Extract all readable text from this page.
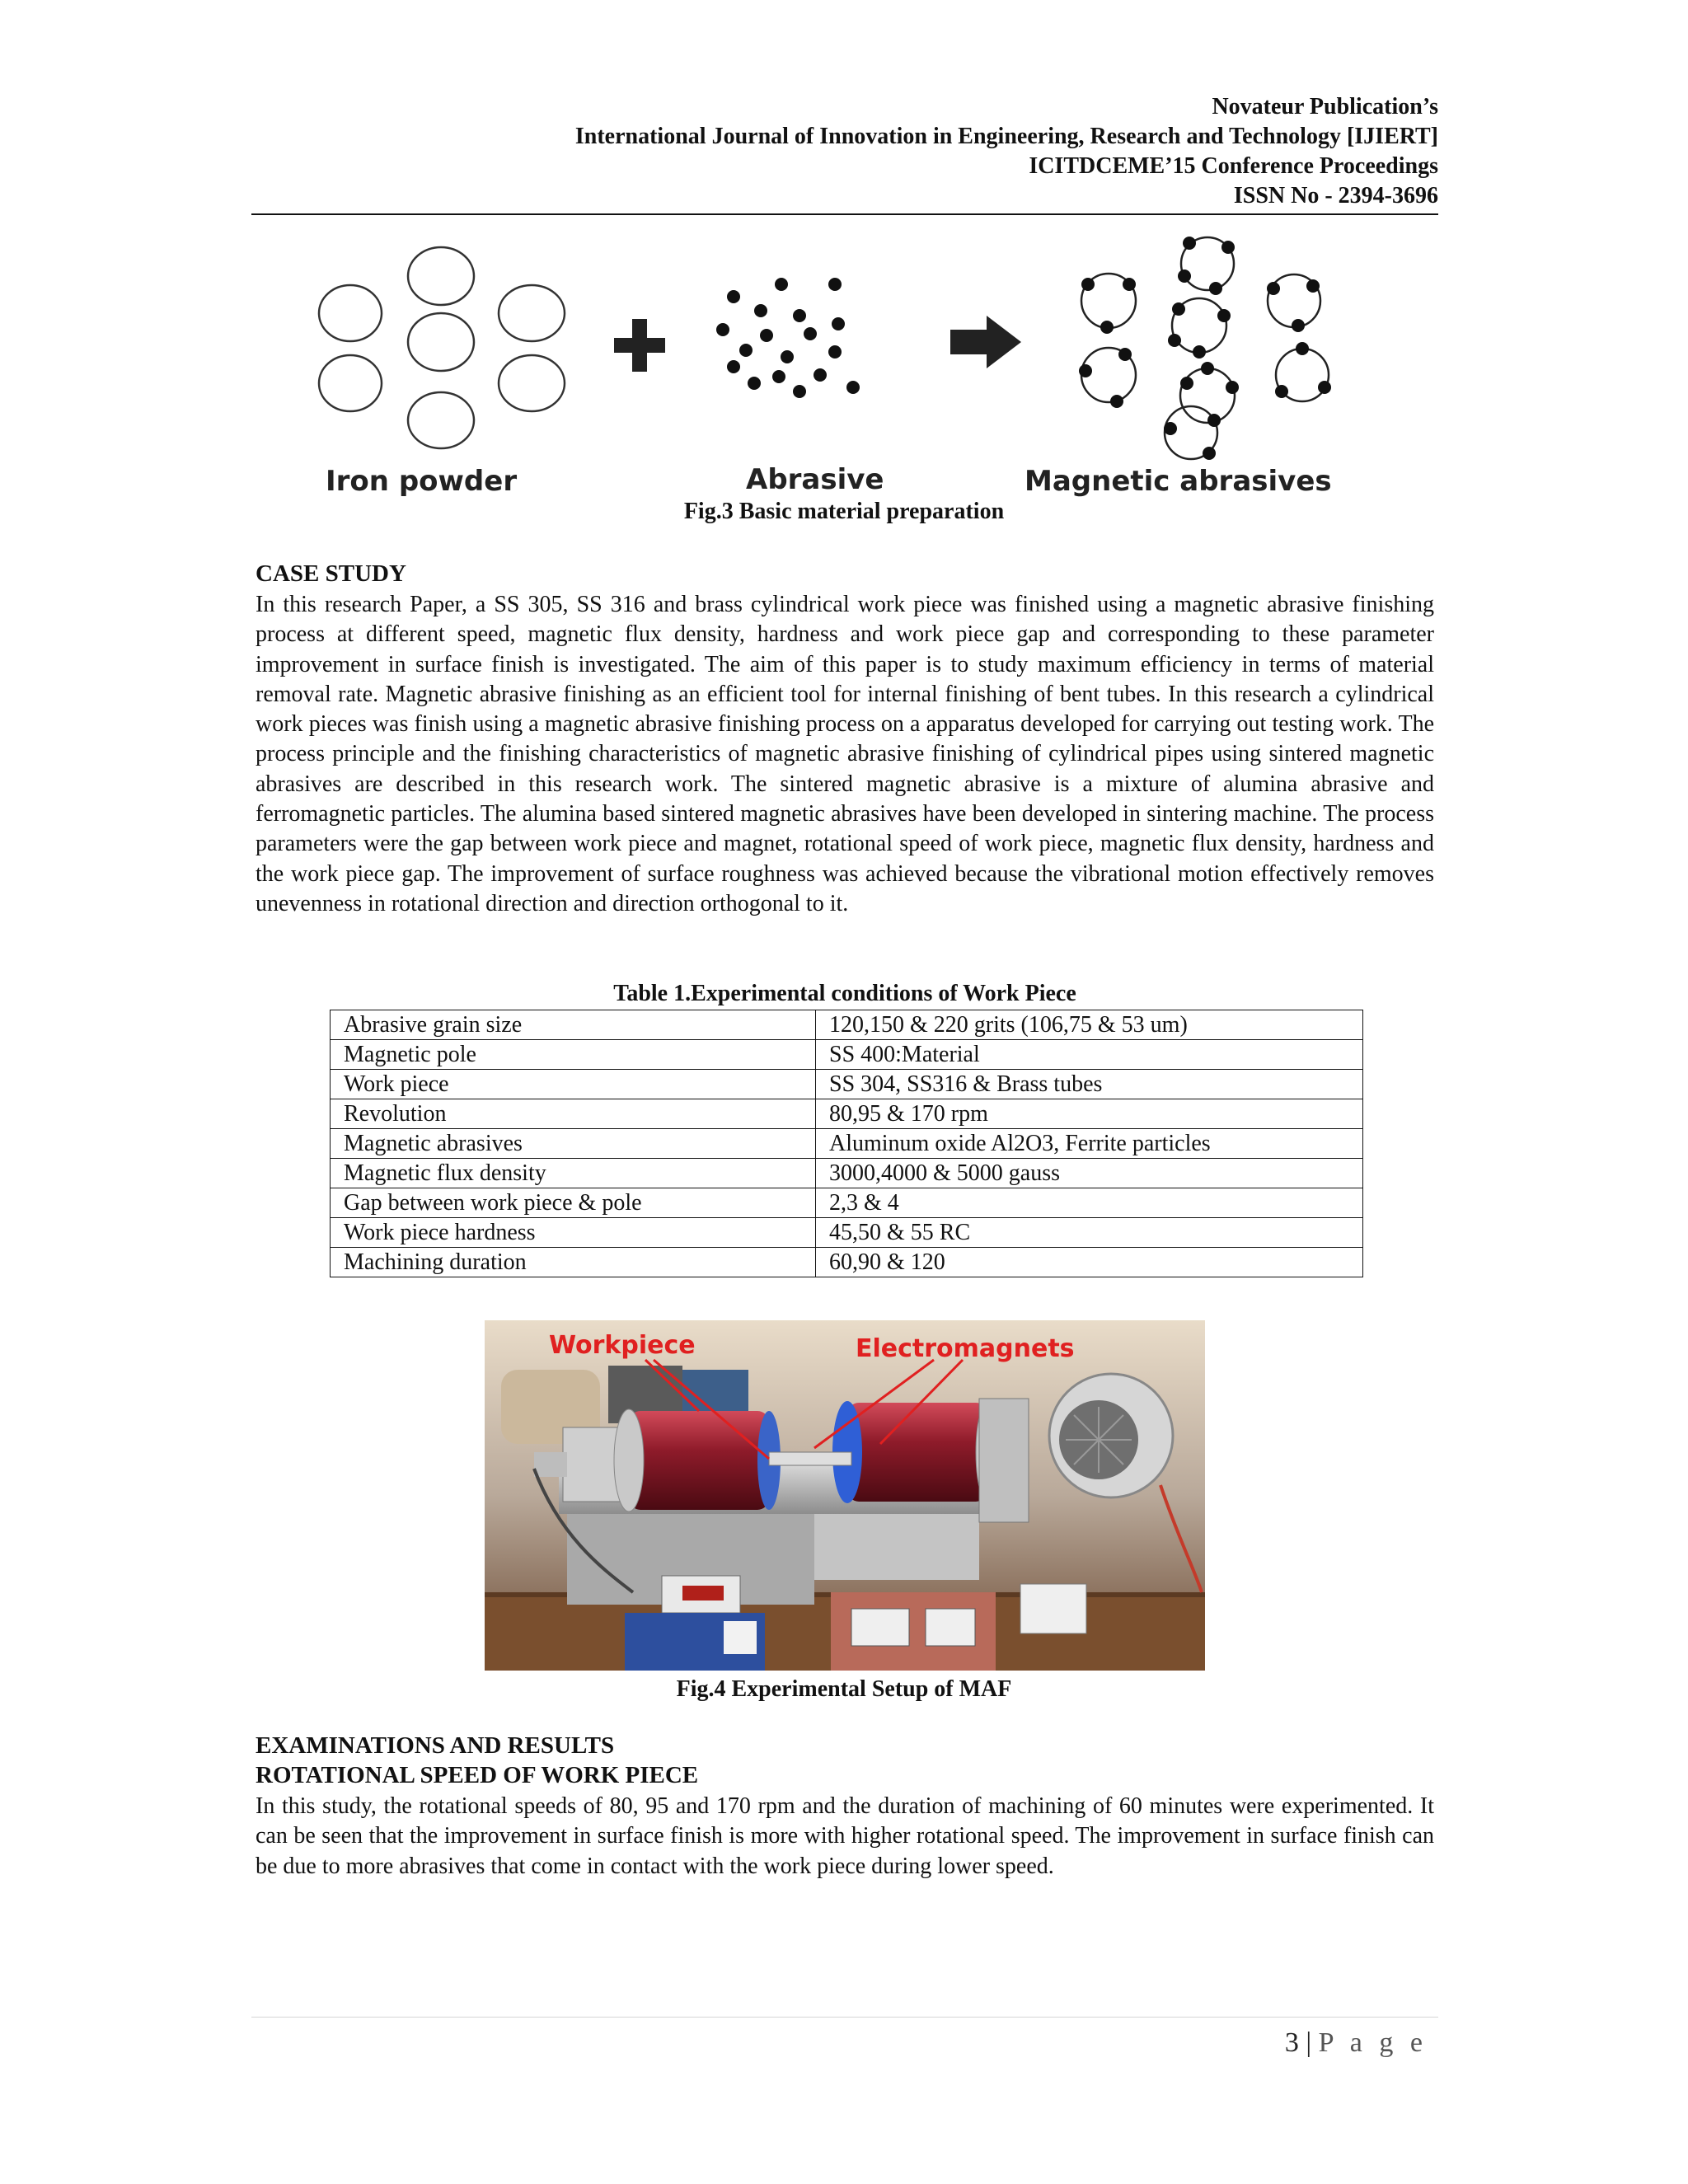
Novateur Publication’s
International Journal of Innovation in Engineering, Research and Technology [IJIERT]
ICITDCEME’15 Conference Proceedings
ISSN No - 2394-3696
Iron powder	Abrasive	Magnetic abrasives
Fig.3 Basic material preparation
CASE STUDY
In this research Paper, a SS 305, SS 316 and brass cylindrical work piece was finished using a magnetic abrasive finishing process at different speed, magnetic flux density, hardness and work piece gap and corresponding to these parameter improvement in surface finish is investigated. The aim of this paper is to study maximum efficiency in terms of material removal rate. Magnetic abrasive finishing as an efficient tool for internal finishing of bent tubes. In this research a cylindrical work pieces was finish using a magnetic abrasive finishing process on a apparatus developed for carrying out testing work. The process principle and the finishing characteristics of magnetic abrasive finishing of cylindrical pipes using sintered magnetic abrasives are described in this research work. The sintered magnetic abrasive is a mixture of alumina abrasive and ferromagnetic particles. The alumina based sintered magnetic abrasives have been developed in sintering machine. The process parameters were the gap between work piece and magnet, rotational speed of work piece, magnetic flux density, hardness and the work piece gap. The improvement of surface roughness was achieved because the vibrational motion effectively removes unevenness in rotational direction and direction orthogonal to it.
Table 1.Experimental conditions of Work Piece
Abrasive grain size	120,150 & 220 grits (106,75 & 53 um)
Magnetic pole	SS 400:Material
Work piece	SS 304, SS316 & Brass tubes
Revolution	80,95 & 170 rpm
Magnetic abrasives	Aluminum oxide Al2O3, Ferrite particles
Magnetic flux density	3000,4000 & 5000 gauss
Gap between work piece & pole	2,3 & 4
Work piece hardness	45,50 & 55 RC
Machining duration	60,90 & 120
Workpiece	Electromagnets
Fig.4 Experimental Setup of MAF
EXAMINATIONS AND RESULTS
ROTATIONAL SPEED OF WORK PIECE
In this study, the rotational speeds of 80, 95 and 170 rpm and the duration of machining of 60 minutes were experimented. It can be seen that the improvement in surface finish is more with higher rotational speed. The improvement in surface finish can be due to more abrasives that come in contact with the work piece during lower speed.
3 | P a g e
